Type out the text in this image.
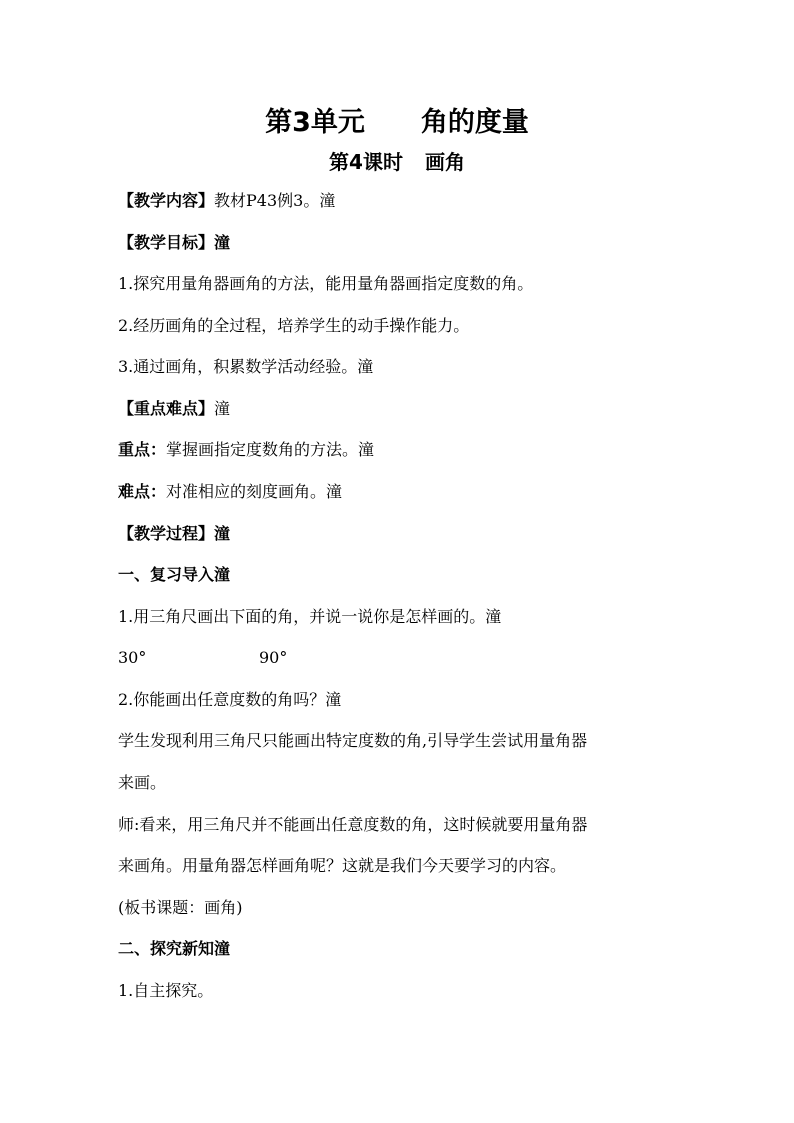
第3单元 角的度量
第4课时 画角
【教学内容】教材P43例3。潼
【教学目标】潼
1.探究用量角器画角的方法，能用量角器画指定度数的角。
2.经历画角的全过程，培养学生的动手操作能力。
3.通过画角，积累数学活动经验。潼
【重点难点】潼
重点：掌握画指定度数角的方法。潼
难点：对准相应的刻度画角。潼
【教学过程】潼
一、复习导入潼
1.用三角尺画出下面的角，并说一说你是怎样画的。潼
30°	90°
2.你能画出任意度数的角吗？潼
学生发现利用三角尺只能画出特定度数的角,引导学生尝试用量角器
来画。
师:看来，用三角尺并不能画出任意度数的角，这时候就要用量角器
来画角。用量角器怎样画角呢？这就是我们今天要学习的内容。
(板书课题：画角)
二、探究新知潼
1.自主探究。
